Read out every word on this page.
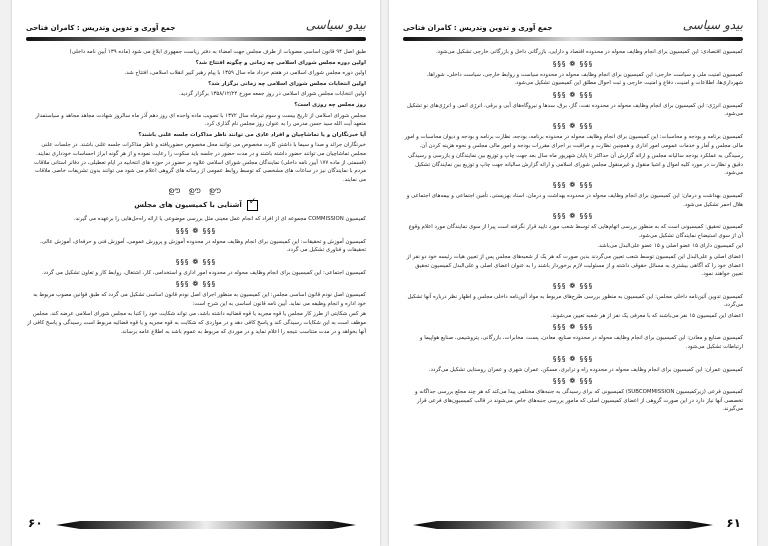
بیدو سیاسی
جمع آوری و تدوین وتدریس : کامران فتاحی

طبق اصل ۹۴ قانون اساسی مصوبات از طرف مجلس جهت امضاء به دفتر رياست جمهوری ابلاغ می شود (ماده ۱۳۹ آیین نامه داخلی)

اولین دوره مجلس شورای اسلامی چه زمانی و چگونه افتتاح شد؟

اولین دوره مجلس شورای اسلامی در هفتم خرداد ماه سال ۱۳۵۹ با پیام رهبر کبیر انقلاب اسلامی، افتتاح شد.

اولین انتخابات مجلس شورای اسلامی چه زمانی برگزار شد؟

اولین انتخابات مجلس شورای اسلامی در روز جمعه مورخ ۱۳۵۸/۱۲/۲۴ برگزار گردید.

روز مجلس چه روزی است؟

مجلس شورای اسلامی از تاریخ بیست و سوم تیرماه سال ۱۳۷۲ با تصویب ماده واحده ای روز دهم آذر ماه سالروز شهادت مجاهد مجاهد و سیاستمدار متعهد آیت الله سید حسن مدرس را به عنوان روز مجلس نام گذاری کرد.

آیا خبرنگاران و یا تماشاچیان و افراد عادی می توانند ناظر مذاکرات جلسه علنی باشند؟

خبرنگاران جرائد و صدا و سیما با داشتن کارت مخصوص می توانند محل مخصوص حضوریافته و ناظر مذاکرات جلسه علنی باشند. در جلسات علنی مجلس تماشاچیان می توانند حضور داشته باشند و در مدت حضور در جلسه باید سکوت را رعایت نموده و از هر گونه ابراز احساسات خودداری نمایند. (قسمتی از ماده ۱۷۷ آیین نامه داخلی) نمایندگان مجلس شورای اسلامی علاوه بر حضور در حوزه های انتخابیه در ایام تعطیلی، در دفاتر استانی ملاقات مردم با نمایندگان نیز در ساعات های مشخصی که توسط روابط عمومی از رسانه های گروهی اعلام می شود می توانند بدون تشریفات خاصی ملاقات می نمایند.

ഊ ഊ ഊ
✓
آشنایی با کمیسیون های مجلس

کمیسیون COMMISSION مجموعه ای از افراد که انجام عمل معینی مثل بررسی موضوعی یا ارائه راه‌حل‌هایی را برعهده می گیرند.

§§§ ❁ §§§

کمیسیون آموزش و تحقیقات: این کمیسیون برای انجام وظایف محوله در محدوده آموزش و پرورش عمومی، آموزش فنی و حرفه‌ای، آموزش عالی، تحقیقات و فناوری تشکیل می گردد.

§§§ ❁ §§§

کمیسیون اجتماعی: این کمیسیون برای انجام وظایف محوله در محدوده امور اداری و استخدامی، کار، اشتغال، روابط کار و تعاون تشکیل می گردد.

§§§ ❁ §§§

کمیسیون اصل نودم قانون اساسی مجلس: این کمیسیون به منظور اجرای اصل نودم قانون اساسی تشکیل می گردد که طبق قوانین مصوب مربوط به خود اداره و انجام وظیفه می نماید. آیین نامه قانون اساسی به این شرح است:

هر کس شکایتی از طرز کار مجلس یا قوه مجریه یا قوه قضائیه داشته باشد، می تواند شکایت خود را کتبا به مجلس شورای اسلامی عرضه کند. مجلس موظف است به این شکایات رسیدگی کند و پاسخ کافی دهد و در مواردی که شکایت به قوه مجریه و یا قوه قضائیه مربوط است رسیدگی و پاسخ کافی از آنها بخواهد و در مدت متناسب نتیجه را اعلام نماید و در موردی که مربوط به عموم باشد به اطلاع عامه برساند.

۶۰
بیدو سیاسی
جمع آوری و تدوین وتدریس : کامران فتاحی

کمیسیون اقتصادی: این کمیسیون برای انجام وظایف محوله در محدوده اقتصاد و دارایی، بازرگانی داخل و بازرگانی خارجی تشکیل می‌شود.

§§§ ❁ §§§

کمیسیون امنیت ملی و سیاست خارجی: این کمیسیون برای انجام وظایف محوله در محدوده سیاست و روابط خارجی، سیاست داخلی، شوراها، شهرداری‌ها، اطلاعات و امنیت، دفاع و امنیت خارجی و ثبت احوال مطلق این کمیسیون تشکیل می‌شود.

§§§ ❁ §§§

کمیسیون انرژی: این کمیسیون برای انجام وظایف محوله در محدوده نفت، گاز، برق، سدها و نیروگاه‌های آبی و برقی، انرژی اتمی و انرژی‌های نو تشکیل می‌شود.

§§§ ❁ §§§

کمیسیون برنامه و بودجه و محاسبات: این کمیسیون برای انجام وظایف محوله در محدوده برنامه، بودجه، نظارت برنامه و بودجه و دیوان محاسبات و امور مالی مجلس و آمار و خدمات عمومی امور اداری و همچنین نظارت و مراقبت بر اجرای مقررات بودجه و امور مالی مجلس و نحوه هزینه کردن آن.

رسیدگی به عملکرد بودجه ساليانه مجلس و ارائه گزارش آن حداکثر تا پایان شهریور ماه سال بعد جهت چاپ و توزیع بین نمایندگان و بازرسی و رسیدگی دقیق و نظارت در مورد کلیه اموال و اشیا منقول و غیرمنقول مجلس شورای اسلامی و ارائه گزارش ساليانه جهت چاپ و توزیع بین نمایندگان تشکیل می‌شود.

§§§ ❁ §§§

کمیسیون بهداشت و درمان: این کمیسیون برای انجام وظایف محوله در محدوده بهداشت و درمان، اسناد بهزیستی، تأمین اجتماعی و بیمه‌های اجتماعی و هلال احمر تشکیل می‌شود.

§§§ ❁ §§§

کمیسیون تحقیق: کمیسیونی است که به منظور بررسی اتهام‌هایی که توسط شعب مورد تایید قرار نگرفته است پیرا از سوی نمایندگان مورد اعلام وقوع آن از سوی استیضاح نمایندگان تشکیل می‌شود.

این کمیسیون دارای ۱۵ عضو اصلی و ۱۵ عضو علی‌البدل می‌باشد.

اعضای اصلی و علی‌البدل این کمیسیون توسط شعب تعیین می‌گردند بدین صورت که هر یک از شعبه‌های مجلس پس از تعیین هیات رئیسه خود دو نفر از اعضای خود را که آگاهی بیشتری به مسائل حقوقی داشته و از مسئولیت لازم برخوردار باشند را به عنوان اعضای اصلی و علی‌البدل کمیسیون تحقیق تعیین خواهند نمود.

§§§ ❁ §§§

کمیسیون تدوین آئین‌نامه داخلی مجلس: این کمیسیون به منظور بررسی طرح‌های مربوط به مواد آئین‌نامه داخلی مجلس و اظهار نظر درباره آنها تشکیل می‌گردد.

اعضای این کمیسیون ۱۵ نفر می‌باشند که با معرفی یک نفر از هر شعبه تعیین می‌شوند.

§§§ ❁ §§§

کمیسیون صنایع و معادن: این کمیسیون برای انجام وظایف محوله در محدوده صنایع، معادن، پست، مخابرات، بازرگانی، پتروشیمی، صنایع هواپیما و ارتباطات تشکیل می‌شود.

§§§ ❁ §§§

کمیسیون عمران: این کمیسیون برای انجام وظایف محوله در محدوده راه و ترابری، مسکن، عمران شهری و عمران روستایی تشکیل می‌گردد.

§§§ ❁ §§§

کمیسیون فرعی (زیرکمیسیون SUBCOMMISSION) کمیسیونی که برای رسیدگی به جنبه‌های مختلفی پیدا می‌کند که هر چند مجلع بررسی جداگانه و تخصصی آنها نیاز دارد در این صورت گروهی از اعضای کمیسیون اصلی که مامور بررسی جنبه‌های خاص می‌شوند در قالب کمیسیون‌های فرعی قرار می‌گیرند.

۶۱
